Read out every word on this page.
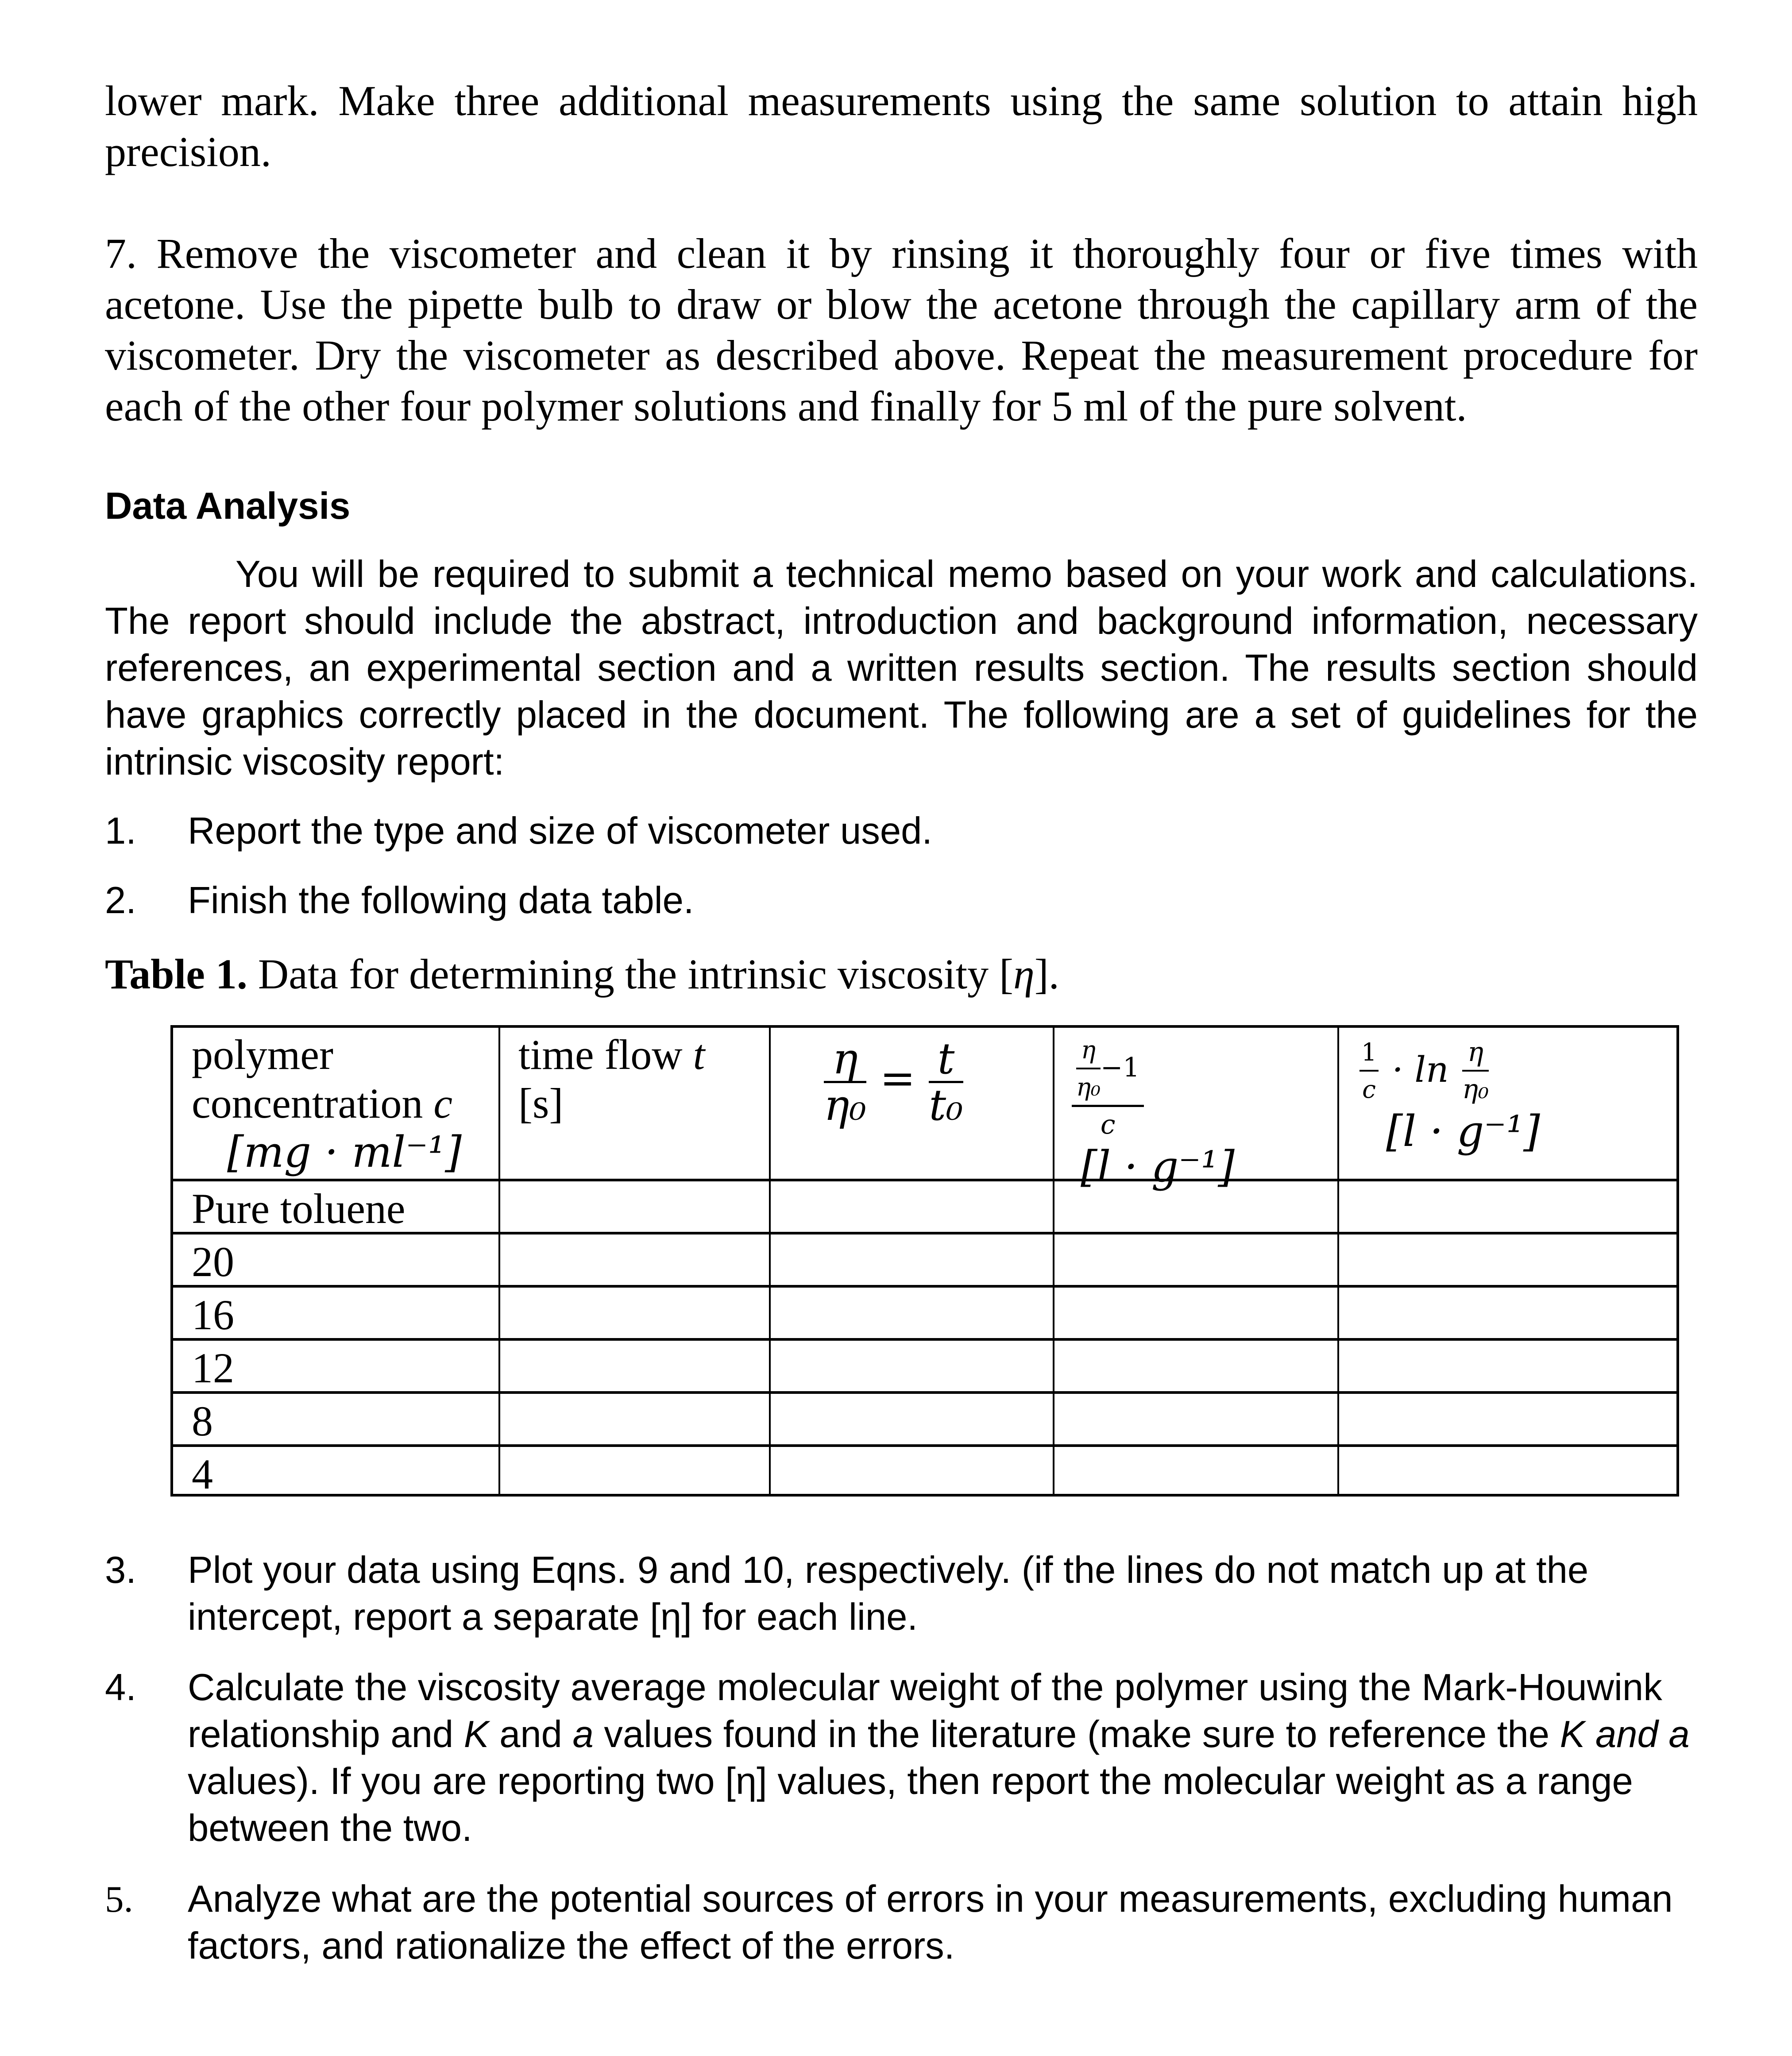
lower mark. Make three additional measurements using the same solution to attain high precision.
7. Remove the viscometer and clean it by rinsing it thoroughly four or five times with acetone. Use the pipette bulb to draw or blow the acetone through the capillary arm of the viscometer. Dry the viscometer as described above. Repeat the measurement procedure for each of the other four polymer solutions and finally for 5 ml of the pure solvent.
Data Analysis
You will be required to submit a technical memo based on your work and calculations. The report should include the abstract, introduction and background information, necessary references, an experimental section and a written results section. The results section should have graphics correctly placed in the document. The following are a set of guidelines for the intrinsic viscosity report:
1. Report the type and size of viscometer used.
2. Finish the following data table.
Table 1. Data for determining the intrinsic viscosity [η].
polymer
concentration c
[mg · ml⁻¹]
time flow t
[s]	$\frac{\eta}{\text{η₀}} = \frac{t}{\text{t₀}}$	$\frac{\frac{\eta}{\text{η₀}} -1}{c}$
[l · g⁻¹]
$\frac{1}{c} \cdot \ln \frac{\eta}{\text{η₀}}$
[l · g⁻¹]
Pure toluene
20
16
12
8
4
3. Plot your data using Eqns. 9 and 10, respectively. (if the lines do not match up at the intercept, report a separate [η] for each line.
4. Calculate the viscosity average molecular weight of the polymer using the Mark-Houwink relationship and K and a values found in the literature (make sure to reference the K and a values). If you are reporting two [η] values, then report the molecular weight as a range between the two.
5. Analyze what are the potential sources of errors in your measurements, excluding human factors, and rationalize the effect of the errors.
